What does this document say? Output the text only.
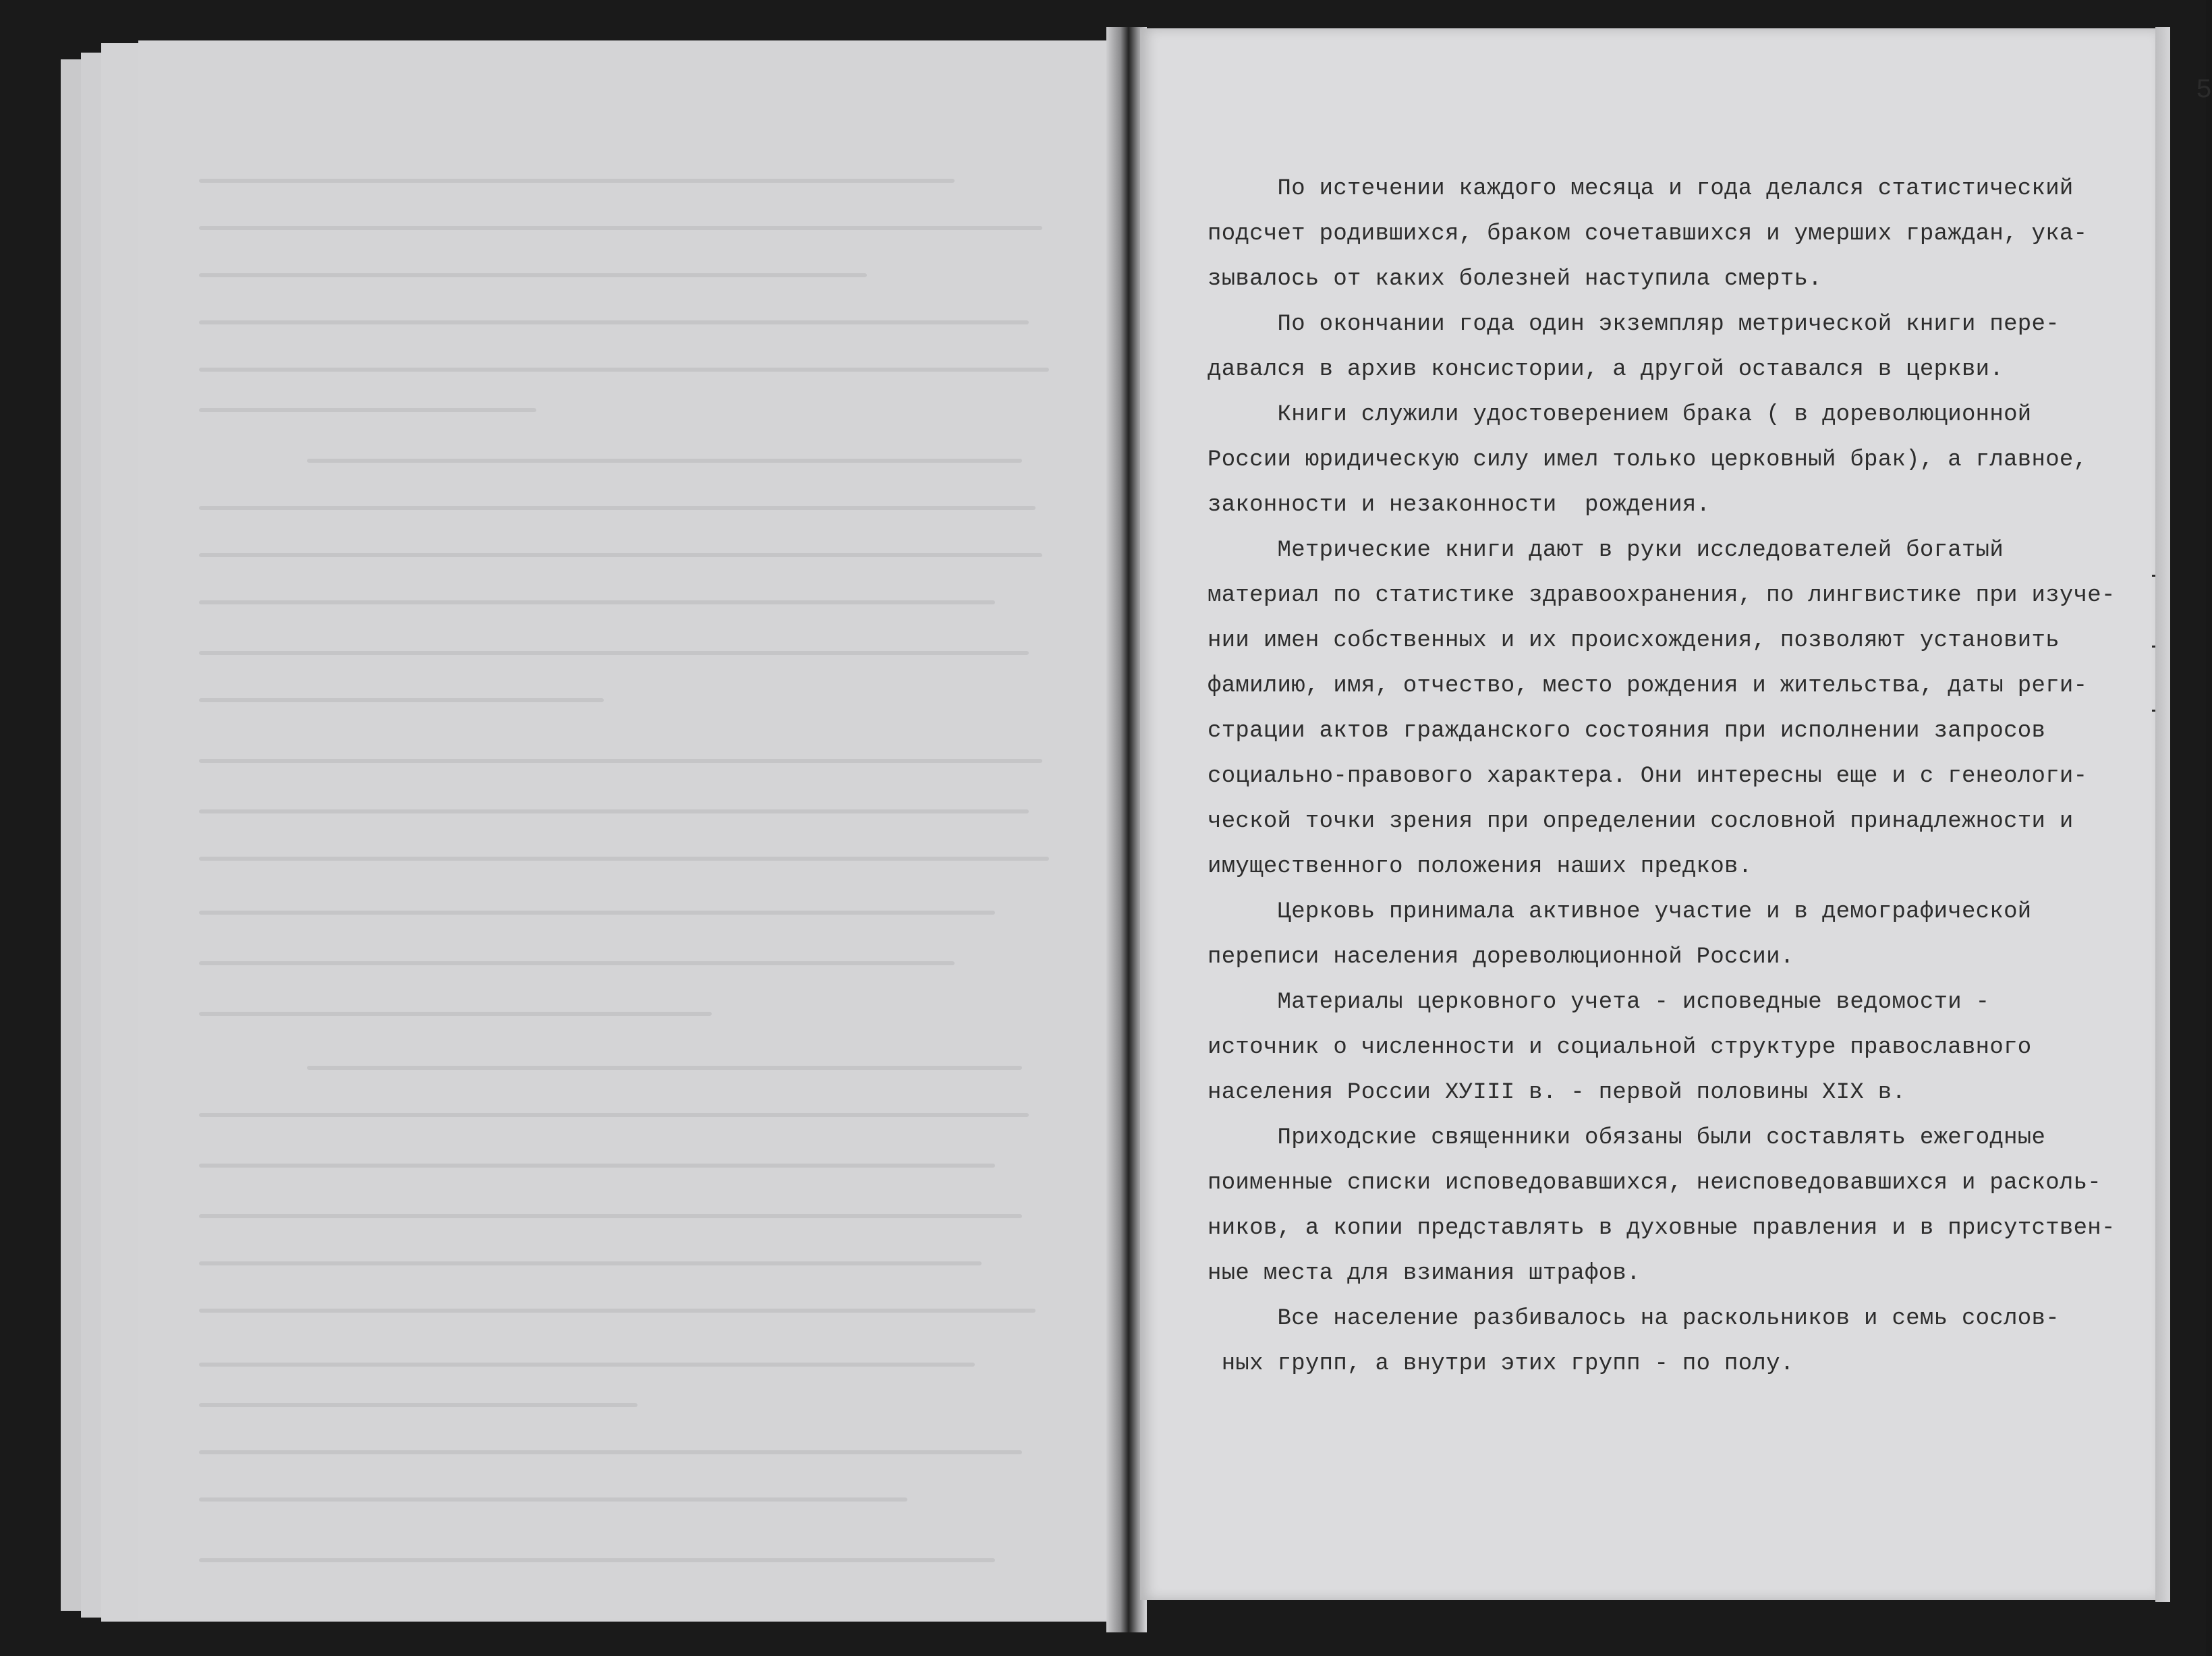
5

По истечении каждого месяца и года делался статистический

подсчет родившихся, браком сочетавшихся и умерших граждан, ука-

зывалось от каких болезней наступила смерть.

По окончании года один экземпляр метрической книги пере-

давался в архив консистории, а другой оставался в церкви.

Книги служили удостоверением брака ( в дореволюционной

России юридическую силу имел только церковный брак), а главное,

законности и незаконности  рождения.

Метрические книги дают в руки исследователей богатый

материал по статистике здравоохранения, по лингвистике при изуче-

нии имен собственных и их происхождения, позволяют установить

фамилию, имя, отчество, место рождения и жительства, даты реги-

страции актов гражданского состояния при исполнении запросов

социально-правового характера. Они интересны еще и с генеологи-

ческой точки зрения при определении сословной принадлежности и

имущественного положения наших предков.

Церковь принимала активное участие и в демографической

переписи населения дореволюционной России.

Материалы церковного учета - исповедные ведомости -

источник о численности и социальной структуре православного

населения России ХУIII в. - первой половины XIX в.

Приходские священники обязаны были составлять ежегодные

поименные списки исповедовавшихся, неисповедовавшихся и расколь-

ников, а копии представлять в духовные правления и в присутствен-

ные места для взимания штрафов.

Все население разбивалось на раскольников и семь сослов-

ных групп, а внутри этих групп - по полу.
